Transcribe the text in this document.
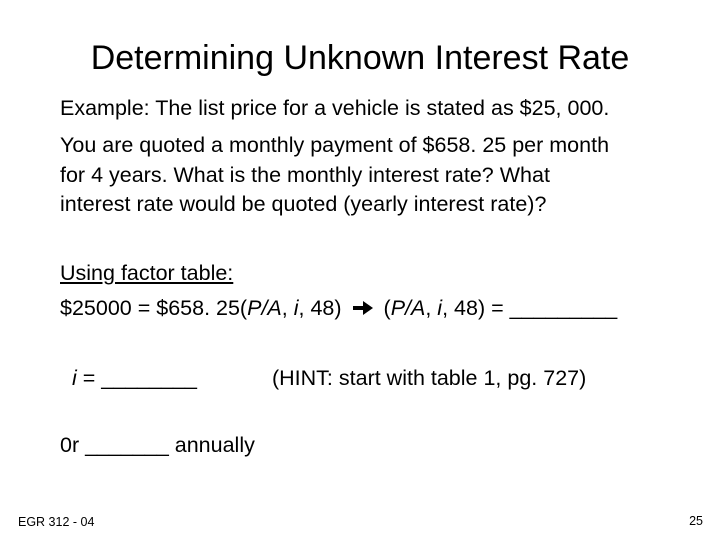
Determining Unknown Interest Rate
Example: The list price for a vehicle is stated as $25, 000.
You are quoted a monthly payment of $658. 25 per month
for 4 years. What is the monthly interest rate? What
interest rate would be quoted (yearly interest rate)?
Using factor table:
$25000 = $658. 25(P/A, i, 48) (P/A, i, 48) = _________
i = ________	(HINT: start with table 1, pg. 727)
0r _______ annually
EGR 312 - 04	25
